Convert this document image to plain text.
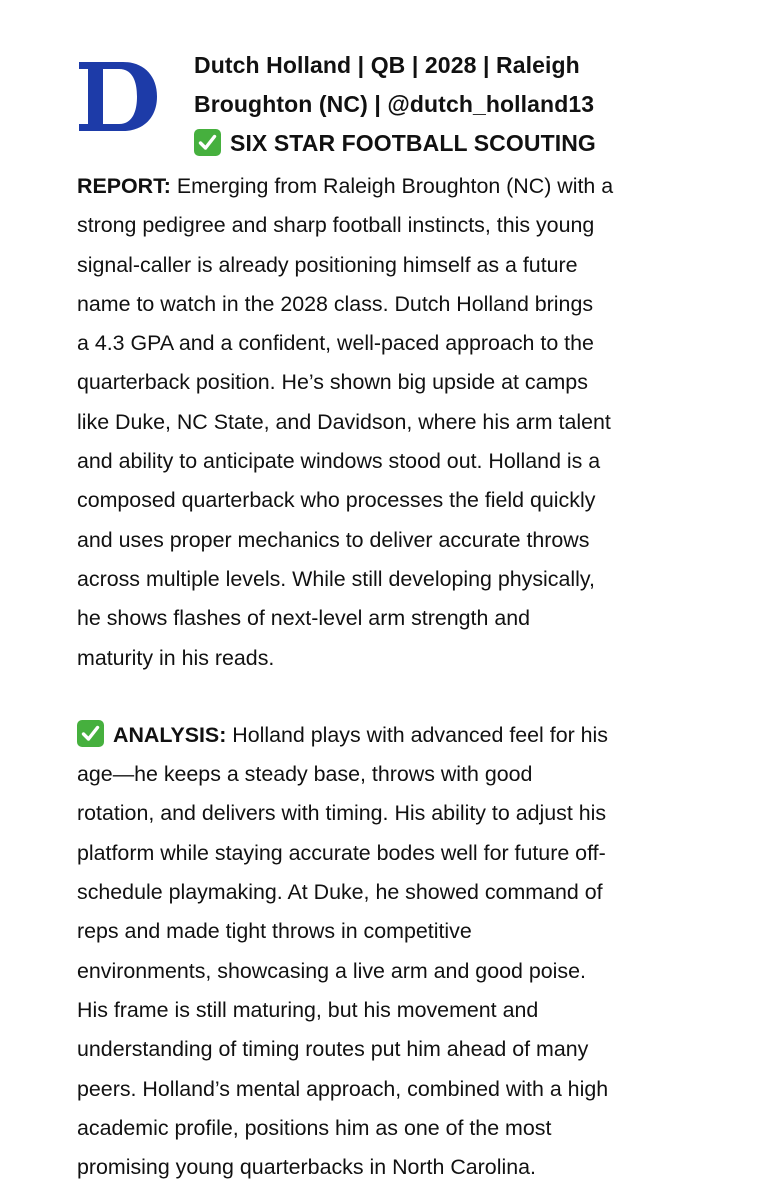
Dutch Holland | QB | 2028 | Raleigh
Broughton (NC) | @dutch_holland13
SIX STAR FOOTBALL SCOUTING

REPORT: Emerging from Raleigh Broughton (NC) with a
strong pedigree and sharp football instincts, this young
signal-caller is already positioning himself as a future
name to watch in the 2028 class. Dutch Holland brings
a 4.3 GPA and a confident, well-paced approach to the
quarterback position. He’s shown big upside at camps
like Duke, NC State, and Davidson, where his arm talent
and ability to anticipate windows stood out. Holland is a
composed quarterback who processes the field quickly
and uses proper mechanics to deliver accurate throws
across multiple levels. While still developing physically,
he shows flashes of next-level arm strength and
maturity in his reads.

ANALYSIS: Holland plays with advanced feel for his
age—he keeps a steady base, throws with good
rotation, and delivers with timing. His ability to adjust his
platform while staying accurate bodes well for future off-
schedule playmaking. At Duke, he showed command of
reps and made tight throws in competitive
environments, showcasing a live arm and good poise.
His frame is still maturing, but his movement and
understanding of timing routes put him ahead of many
peers. Holland’s mental approach, combined with a high
academic profile, positions him as one of the most
promising young quarterbacks in North Carolina.
